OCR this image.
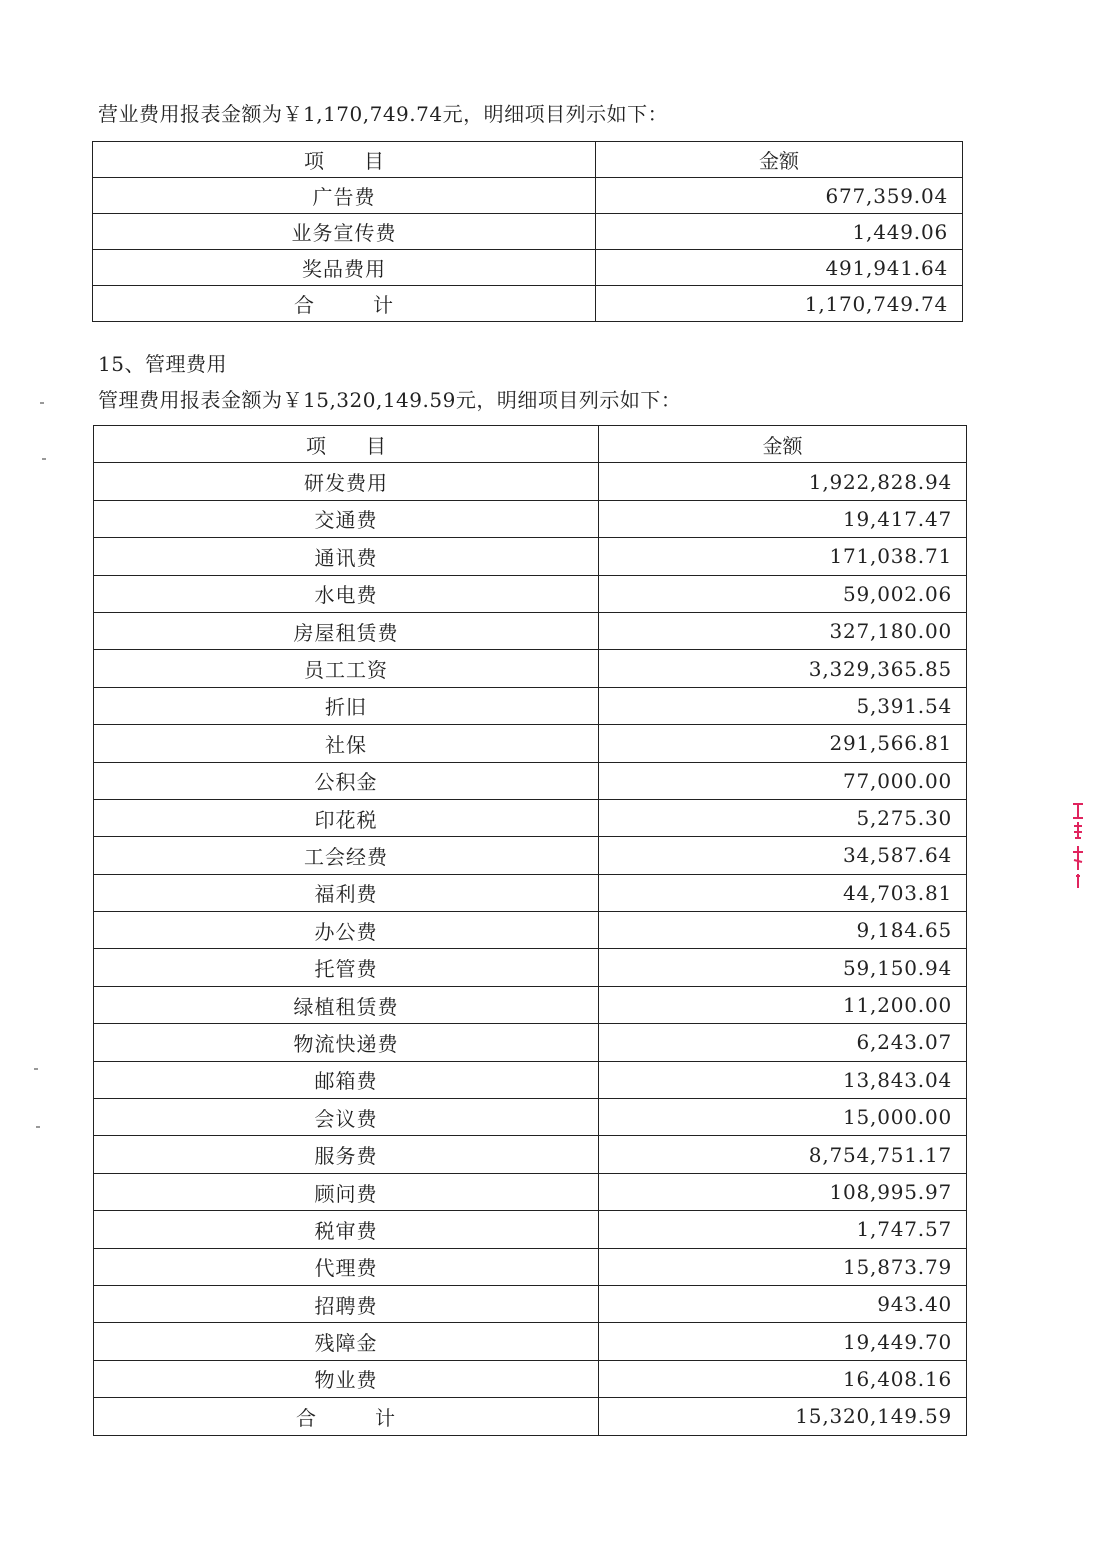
营业费用报表金额为￥1,170,749.74元，明细项目列示如下：
项　　目	金额
广告费	677,359.04
业务宣传费	1,449.06
奖品费用	491,941.64
合 计	1,170,749.74
15、管理费用
管理费用报表金额为￥15,320,149.59元，明细项目列示如下：
项　　目	金额
研发费用	1,922,828.94
交通费	19,417.47
通讯费	171,038.71
水电费	59,002.06
房屋租赁费	327,180.00
员工工资	3,329,365.85
折旧	5,391.54
社保	291,566.81
公积金	77,000.00
印花税	5,275.30
工会经费	34,587.64
福利费	44,703.81
办公费	9,184.65
托管费	59,150.94
绿植租赁费	11,200.00
物流快递费	6,243.07
邮箱费	13,843.04
会议费	15,000.00
服务费	8,754,751.17
顾问费	108,995.97
税审费	1,747.57
代理费	15,873.79
招聘费	943.40
残障金	19,449.70
物业费	16,408.16
合 计	15,320,149.59
